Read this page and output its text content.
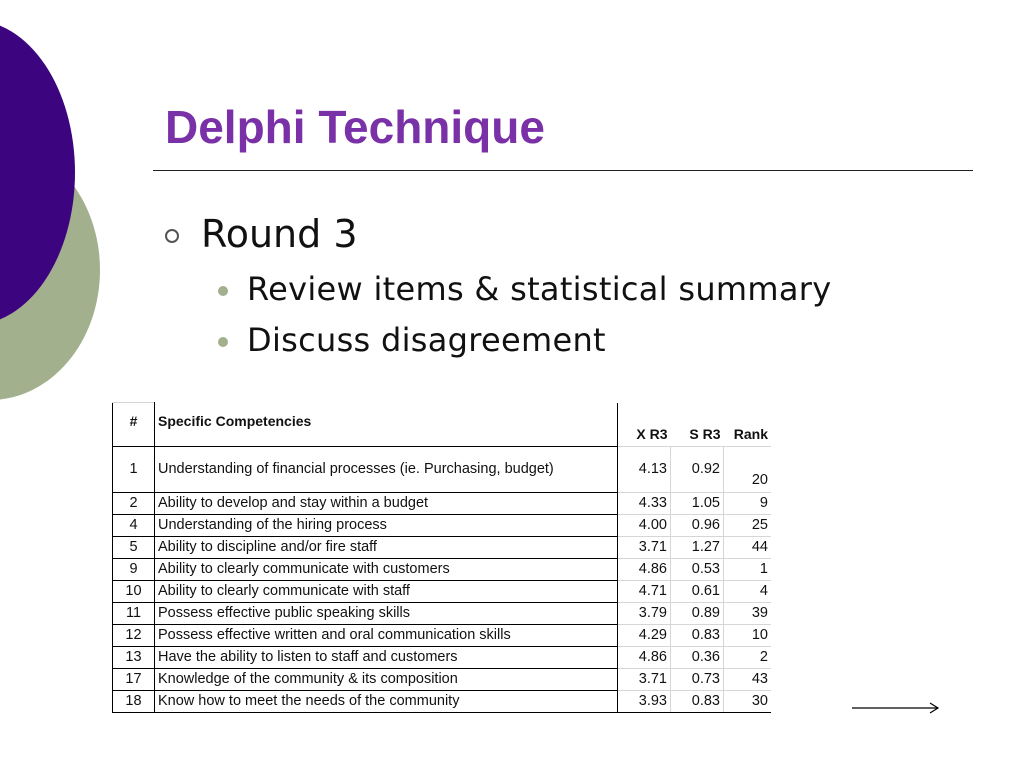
Delphi Technique
Round 3
Review items & statistical summary
Discuss disagreement
#	Specific Competencies	X R3	S R3	Rank
1	Understanding of financial processes (ie. Purchasing, budget)	4.13	0.92	20
2	Ability to develop and stay within a budget	4.33	1.05	9
4	Understanding of the hiring process	4.00	0.96	25
5	Ability to discipline and/or fire staff	3.71	1.27	44
9	Ability to clearly communicate with customers	4.86	0.53	1
10	Ability to clearly communicate with staff	4.71	0.61	4
11	Possess effective public speaking skills	3.79	0.89	39
12	Possess effective written and oral communication skills	4.29	0.83	10
13	Have the ability to listen to staff and customers	4.86	0.36	2
17	Knowledge of the community & its composition	3.71	0.73	43
18	Know how to meet the needs of the community	3.93	0.83	30
